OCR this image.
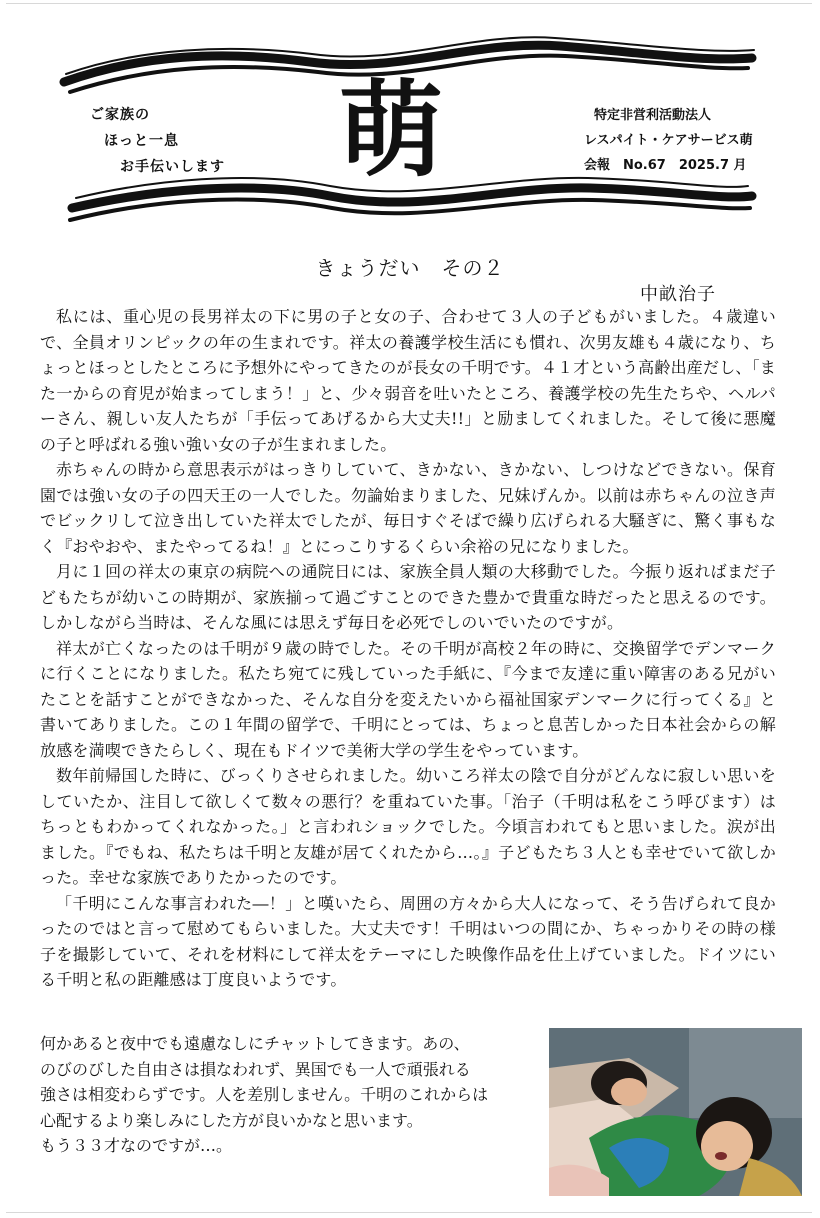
ご家族の
ほっと一息
お手伝いします 萌	特定非営利活動法人
レスパイト・ケアサービス萌
会報　No.67　2025.7 月
きょうだい　その２
中畝治子

私には、重心児の長男祥太の下に男の子と女の子、合わせて３人の子どもがいました。４歳違いで、全員オリンピックの年の生まれです。祥太の養護学校生活にも慣れ、次男友雄も４歳になり、ちょっとほっとしたところに予想外にやってきたのが長女の千明です。４１才という高齢出産だし、「また一からの育児が始まってしまう！」と、少々弱音を吐いたところ、養護学校の先生たちや、ヘルパーさん、親しい友人たちが「手伝ってあげるから大丈夫!!」と励ましてくれました。そして後に悪魔の子と呼ばれる強い強い女の子が生まれました。

赤ちゃんの時から意思表示がはっきりしていて、きかない、きかない、しつけなどできない。保育園では強い女の子の四天王の一人でした。勿論始まりました、兄妹げんか。以前は赤ちゃんの泣き声でビックリして泣き出していた祥太でしたが、毎日すぐそばで繰り広げられる大騒ぎに、驚く事もなく『おやおや、またやってるね！』とにっこりするくらい余裕の兄になりました。

月に１回の祥太の東京の病院への通院日には、家族全員人類の大移動でした。今振り返ればまだ子どもたちが幼いこの時期が、家族揃って過ごすことのできた豊かで貴重な時だったと思えるのです。しかしながら当時は、そんな風には思えず毎日を必死でしのいでいたのですが。

祥太が亡くなったのは千明が９歳の時でした。その千明が高校２年の時に、交換留学でデンマークに行くことになりました。私たち宛てに残していった手紙に、『今まで友達に重い障害のある兄がいたことを話すことができなかった、そんな自分を変えたいから福祉国家デンマークに行ってくる』と書いてありました。この１年間の留学で、千明にとっては、ちょっと息苦しかった日本社会からの解放感を満喫できたらしく、現在もドイツで美術大学の学生をやっています。

数年前帰国した時に、びっくりさせられました。幼いころ祥太の陰で自分がどんなに寂しい思いをしていたか、注目して欲しくて数々の悪行？を重ねていた事。「治子（千明は私をこう呼びます）はちっともわかってくれなかった。」と言われショックでした。今頃言われてもと思いました。涙が出ました。『でもね、私たちは千明と友雄が居てくれたから…。』子どもたち３人とも幸せでいて欲しかった。幸せな家族でありたかったのです。

「千明にこんな事言われた―！」と嘆いたら、周囲の方々から大人になって、そう告げられて良かったのではと言って慰めてもらいました。大丈夫です！千明はいつの間にか、ちゃっかりその時の様子を撮影していて、それを材料にして祥太をテーマにした映像作品を仕上げていました。ドイツにいる千明と私の距離感は丁度良いようです。

何かあると夜中でも遠慮なしにチャットしてきます。あの、
のびのびした自由さは損なわれず、異国でも一人で頑張れる
強さは相変わらずです。人を差別しません。千明のこれからは
心配するより楽しみにした方が良いかなと思います。
もう３３才なのですが…。
